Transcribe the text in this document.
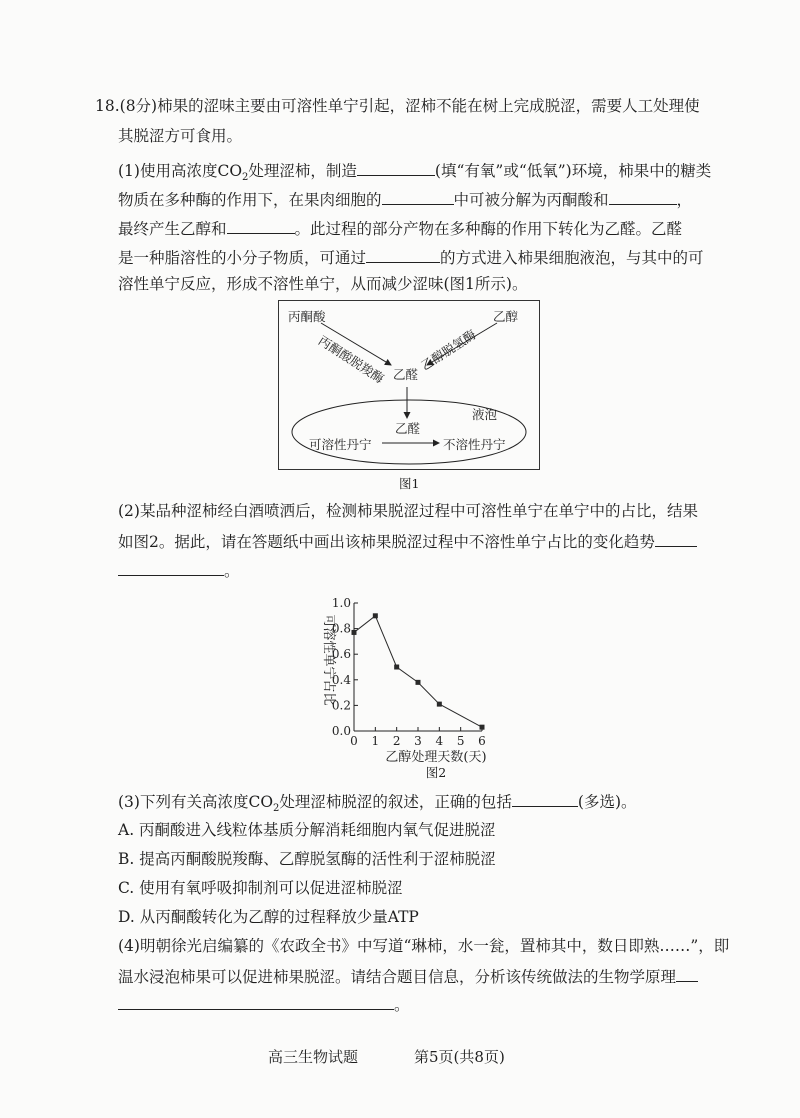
18.(8分)柿果的涩味主要由可溶性单宁引起，涩柿不能在树上完成脱涩，需要人工处理使
其脱涩方可食用。
(1)使用高浓度$CO_2$处理涩柿，制造	(填“有氧”或“低氧”)环境，柿果中的糖类
物质在多种酶的作用下，在果肉细胞的	中可被分解为丙酮酸和	，
最终产生乙醇和	。此过程的部分产物在多种酶的作用下转化为乙醛。乙醛
是一种脂溶性的小分子物质，可通过	的方式进入柿果细胞液泡，与其中的可
溶性单宁反应，形成不溶性单宁，从而减少涩味(图1所示)。
丙酮酸	乙醇
丙酮酸脱羧酶	乙醇脱氢酶
乙醛
液泡
乙醛
可溶性丹宁	不溶性丹宁
图1
(2)某品种涩柿经白酒喷洒后，检测柿果脱涩过程中可溶性单宁在单宁中的占比，结果
如图2。据此，请在答题纸中画出该柿果脱涩过程中不溶性单宁占比的变化趋势
。
0.0
0.2
0.4
0.6
0.8
1.0
0 1 2 3 4 5 6
可溶性单宁占比
乙醇处理天数(天)
图2
(3)下列有关高浓度$CO_2$处理涩柿脱涩的叙述，正确的包括	(多选)。
A. 丙酮酸进入线粒体基质分解消耗细胞内氧气促进脱涩
B. 提高丙酮酸脱羧酶、乙醇脱氢酶的活性利于涩柿脱涩
C. 使用有氧呼吸抑制剂可以促进涩柿脱涩
D. 从丙酮酸转化为乙醇的过程释放少量ATP
(4)明朝徐光启编纂的《农政全书》中写道“琳柿，水一瓮，置柿其中，数日即熟……”，即
温水浸泡柿果可以促进柿果脱涩。请结合题目信息，分析该传统做法的生物学原理
。
高三生物试题	第5页(共8页)
